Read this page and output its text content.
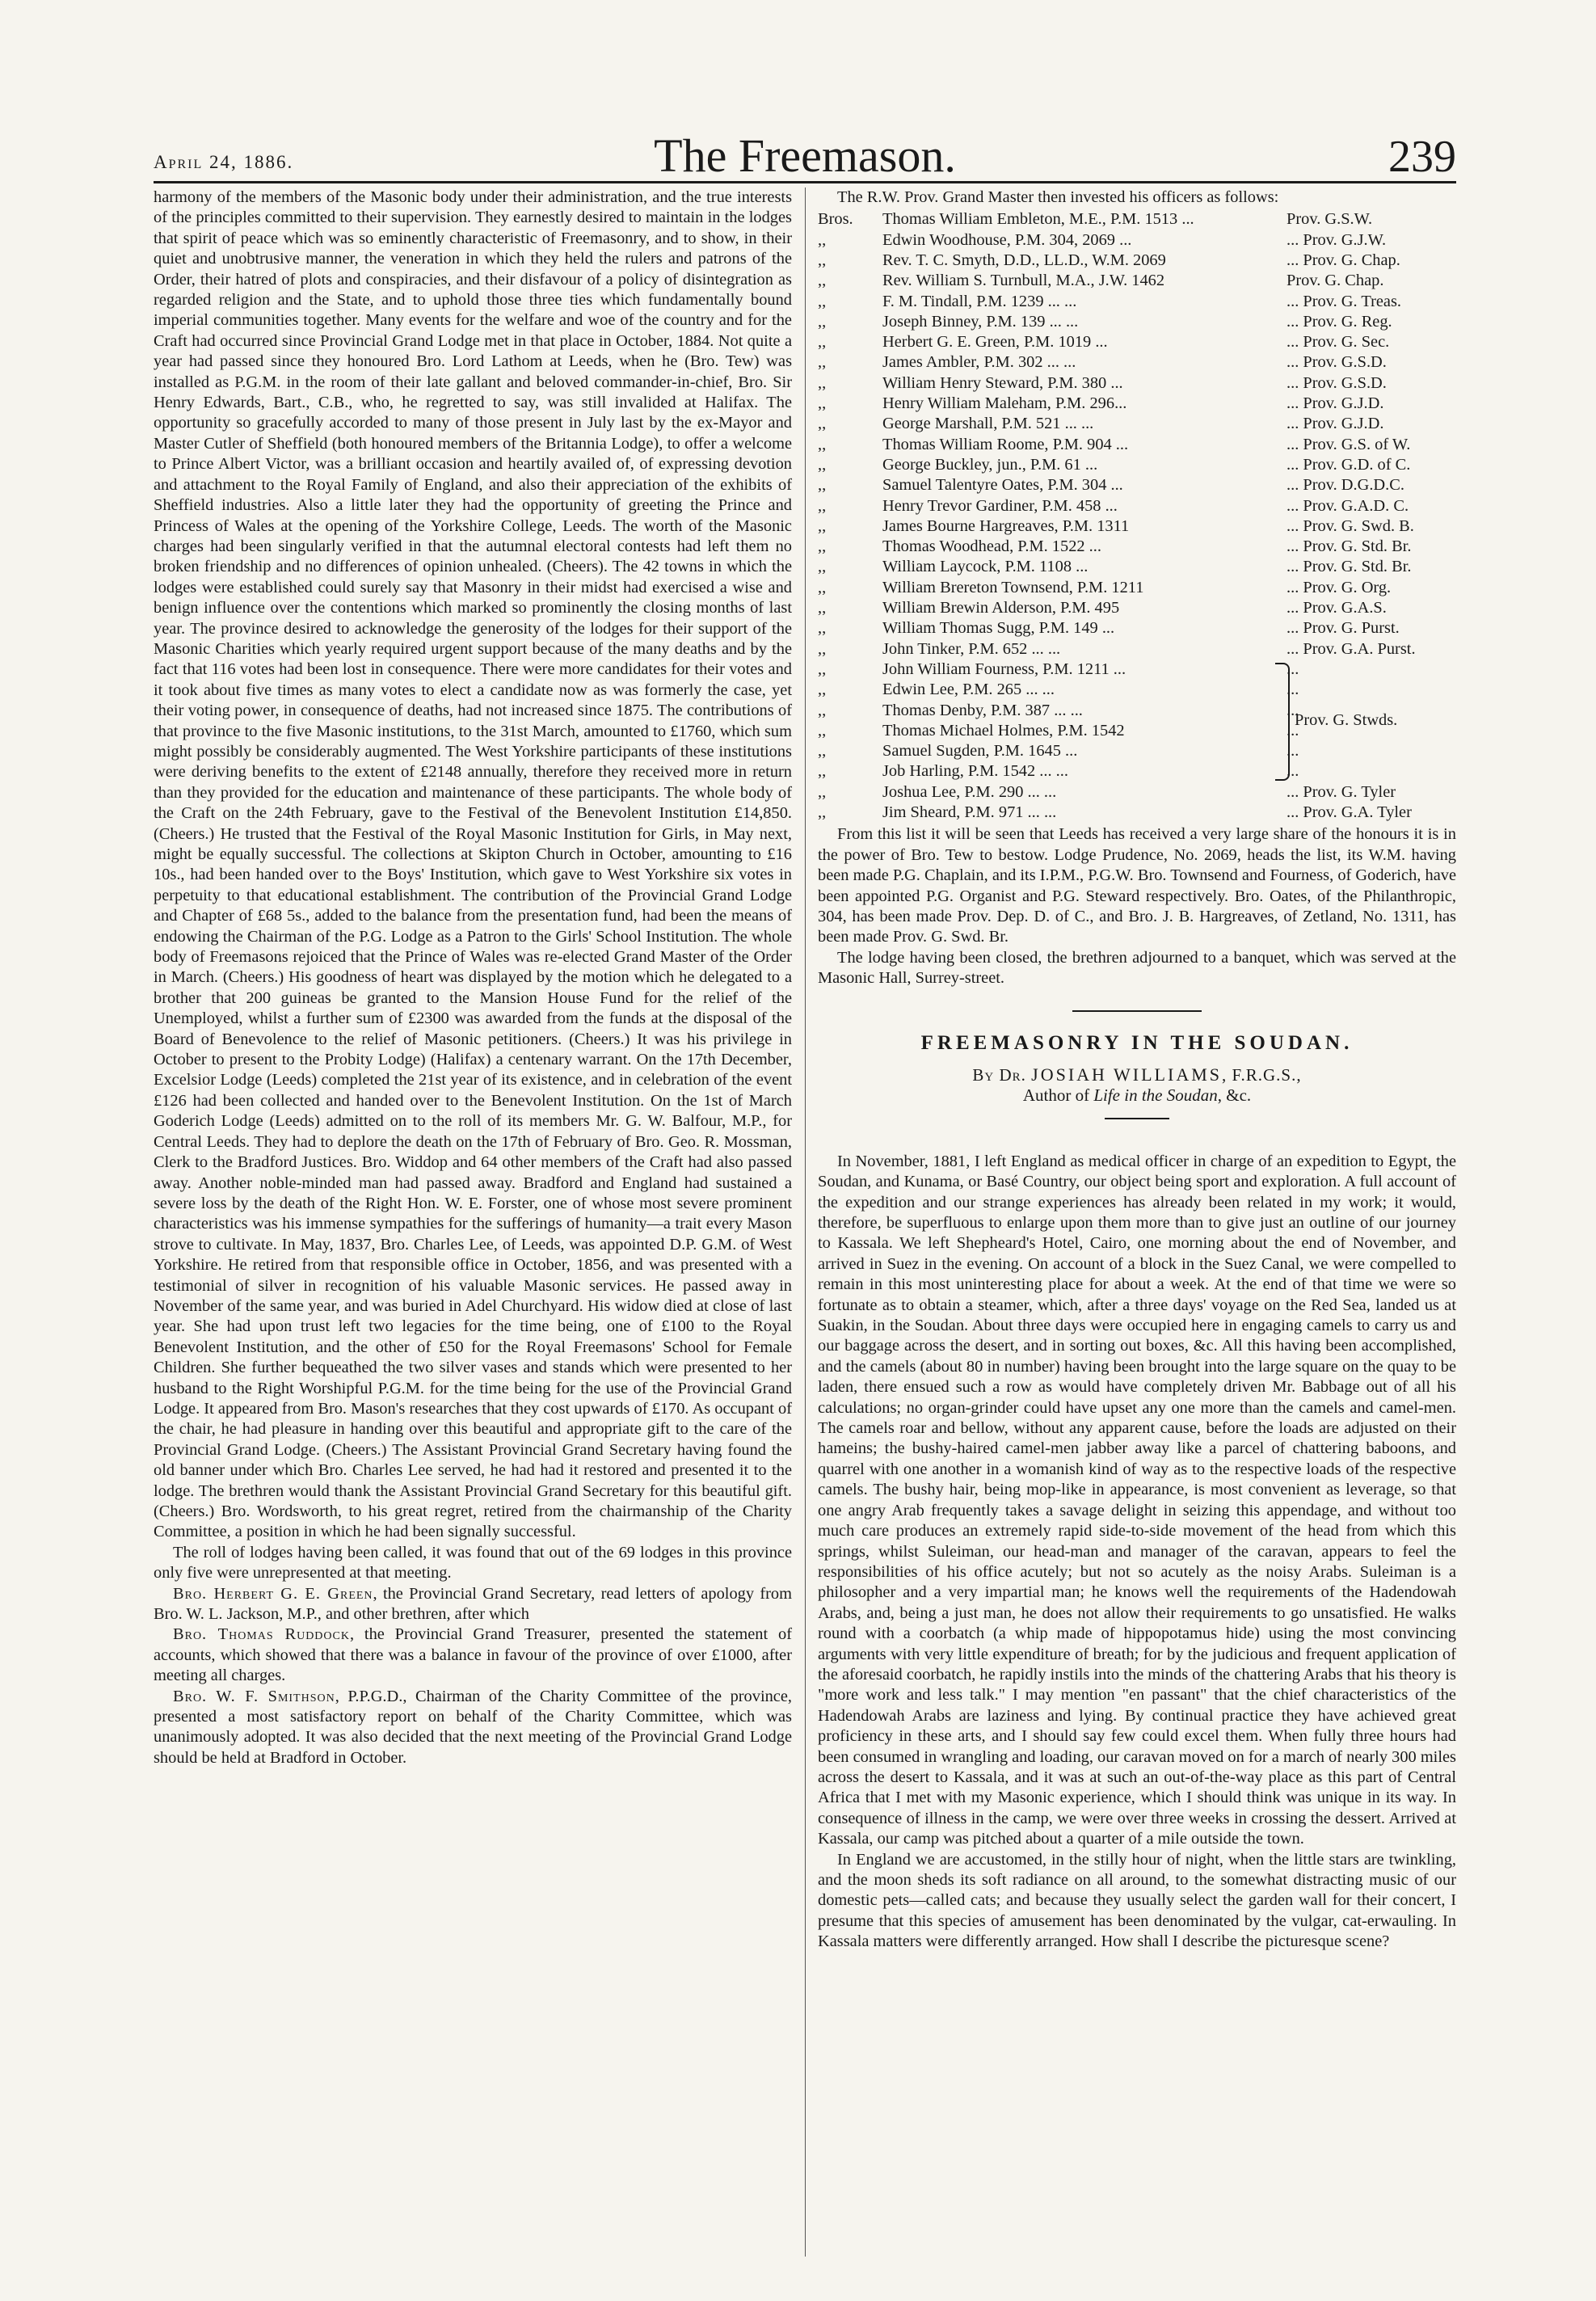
April 24, 1886.	The Freemason.	239

harmony of the members of the Masonic body under their administration, and the true interests of the principles committed to their supervision. They earnestly desired to maintain in the lodges that spirit of peace which was so eminently characteristic of Freemasonry, and to show, in their quiet and unobtrusive manner, the veneration in which they held the rulers and patrons of the Order, their hatred of plots and conspiracies, and their disfavour of a policy of disintegration as regarded religion and the State, and to uphold those three ties which fundamentally bound imperial communities together. Many events for the welfare and woe of the country and for the Craft had occurred since Provincial Grand Lodge met in that place in October, 1884. Not quite a year had passed since they honoured Bro. Lord Lathom at Leeds, when he (Bro. Tew) was installed as P.G.M. in the room of their late gallant and beloved commander-in-chief, Bro. Sir Henry Edwards, Bart., C.B., who, he regretted to say, was still invalided at Halifax. The opportunity so gracefully accorded to many of those present in July last by the ex-Mayor and Master Cutler of Sheffield (both honoured members of the Britannia Lodge), to offer a welcome to Prince Albert Victor, was a brilliant occasion and heartily availed of, of expressing devotion and attachment to the Royal Family of England, and also their appreciation of the exhibits of Sheffield industries. Also a little later they had the opportunity of greeting the Prince and Princess of Wales at the opening of the Yorkshire College, Leeds. The worth of the Masonic charges had been singularly verified in that the autumnal electoral contests had left them no broken friendship and no differences of opinion unhealed. (Cheers). The 42 towns in which the lodges were established could surely say that Masonry in their midst had exercised a wise and benign influence over the contentions which marked so prominently the closing months of last year. The province desired to acknowledge the generosity of the lodges for their support of the Masonic Charities which yearly required urgent support because of the many deaths and by the fact that 116 votes had been lost in consequence. There were more candidates for their votes and it took about five times as many votes to elect a candidate now as was formerly the case, yet their voting power, in consequence of deaths, had not increased since 1875. The contributions of that province to the five Masonic institutions, to the 31st March, amounted to £1760, which sum might possibly be considerably augmented. The West Yorkshire participants of these institutions were deriving benefits to the extent of £2148 annually, therefore they received more in return than they provided for the education and maintenance of these participants. The whole body of the Craft on the 24th February, gave to the Festival of the Benevolent Institution £14,850. (Cheers.) He trusted that the Festival of the Royal Masonic Institution for Girls, in May next, might be equally successful. The collections at Skipton Church in October, amounting to £16 10s., had been handed over to the Boys' Institution, which gave to West Yorkshire six votes in perpetuity to that educational establishment. The contribution of the Provincial Grand Lodge and Chapter of £68 5s., added to the balance from the presentation fund, had been the means of endowing the Chairman of the P.G. Lodge as a Patron to the Girls' School Institution. The whole body of Freemasons rejoiced that the Prince of Wales was re-elected Grand Master of the Order in March. (Cheers.) His goodness of heart was displayed by the motion which he delegated to a brother that 200 guineas be granted to the Mansion House Fund for the relief of the Unemployed, whilst a further sum of £2300 was awarded from the funds at the disposal of the Board of Benevolence to the relief of Masonic petitioners. (Cheers.) It was his privilege in October to present to the Probity Lodge) (Halifax) a centenary warrant. On the 17th December, Excelsior Lodge (Leeds) completed the 21st year of its existence, and in celebration of the event £126 had been collected and handed over to the Benevolent Institution. On the 1st of March Goderich Lodge (Leeds) admitted on to the roll of its members Mr. G. W. Balfour, M.P., for Central Leeds. They had to deplore the death on the 17th of February of Bro. Geo. R. Mossman, Clerk to the Bradford Justices. Bro. Widdop and 64 other members of the Craft had also passed away. Another noble-minded man had passed away. Bradford and England had sustained a severe loss by the death of the Right Hon. W. E. Forster, one of whose most severe prominent characteristics was his immense sympathies for the sufferings of humanity—a trait every Mason strove to cultivate. In May, 1837, Bro. Charles Lee, of Leeds, was appointed D.P. G.M. of West Yorkshire. He retired from that responsible office in October, 1856, and was presented with a testimonial of silver in recognition of his valuable Masonic services. He passed away in November of the same year, and was buried in Adel Churchyard. His widow died at close of last year. She had upon trust left two legacies for the time being, one of £100 to the Royal Benevolent Institution, and the other of £50 for the Royal Freemasons' School for Female Children. She further bequeathed the two silver vases and stands which were presented to her husband to the Right Worshipful P.G.M. for the time being for the use of the Provincial Grand Lodge. It appeared from Bro. Mason's researches that they cost upwards of £170. As occupant of the chair, he had pleasure in handing over this beautiful and appropriate gift to the care of the Provincial Grand Lodge. (Cheers.) The Assistant Provincial Grand Secretary having found the old banner under which Bro. Charles Lee served, he had had it restored and presented it to the lodge. The brethren would thank the Assistant Provincial Grand Secretary for this beautiful gift. (Cheers.) Bro. Wordsworth, to his great regret, retired from the chairmanship of the Charity Committee, a position in which he had been signally successful.

The roll of lodges having been called, it was found that out of the 69 lodges in this province only five were unrepresented at that meeting.

Bro. Herbert G. E. Green, the Provincial Grand Secretary, read letters of apology from Bro. W. L. Jackson, M.P., and other brethren, after which

Bro. Thomas Ruddock, the Provincial Grand Treasurer, presented the statement of accounts, which showed that there was a balance in favour of the province of over £1000, after meeting all charges.

Bro. W. F. Smithson, P.P.G.D., Chairman of the Charity Committee of the province, presented a most satisfactory report on behalf of the Charity Committee, which was unanimously adopted. It was also decided that the next meeting of the Provincial Grand Lodge should be held at Bradford in October.

The R.W. Prov. Grand Master then invested his officers as follows:

Bros.	Thomas William Embleton, M.E., P.M. 1513 ...	Prov. G.S.W.
,,	Edwin Woodhouse, P.M. 304, 2069 ...	... Prov. G.J.W.
,,	Rev. T. C. Smyth, D.D., LL.D., W.M. 2069	... Prov. G. Chap.
,,	Rev. William S. Turnbull, M.A., J.W. 1462	Prov. G. Chap.
,,	F. M. Tindall, P.M. 1239 ... ...	... Prov. G. Treas.
,,	Joseph Binney, P.M. 139 ... ...	... Prov. G. Reg.
,,	Herbert G. E. Green, P.M. 1019 ...	... Prov. G. Sec.
,,	James Ambler, P.M. 302 ... ...	... Prov. G.S.D.
,,	William Henry Steward, P.M. 380 ...	... Prov. G.S.D.
,,	Henry William Maleham, P.M. 296...	... Prov. G.J.D.
,,	George Marshall, P.M. 521 ... ...	... Prov. G.J.D.
,,	Thomas William Roome, P.M. 904 ...	... Prov. G.S. of W.
,,	George Buckley, jun., P.M. 61 ...	... Prov. G.D. of C.
,,	Samuel Talentyre Oates, P.M. 304 ...	... Prov. D.G.D.C.
,,	Henry Trevor Gardiner, P.M. 458 ...	... Prov. G.A.D. C.
,,	James Bourne Hargreaves, P.M. 1311	... Prov. G. Swd. B.
,,	Thomas Woodhead, P.M. 1522 ...	... Prov. G. Std. Br.
,,	William Laycock, P.M. 1108 ...	... Prov. G. Std. Br.
,,	William Brereton Townsend, P.M. 1211	... Prov. G. Org.
,,	William Brewin Alderson, P.M. 495	... Prov. G.A.S.
,,	William Thomas Sugg, P.M. 149 ...	... Prov. G. Purst.
,,	John Tinker, P.M. 652 ... ...	... Prov. G.A. Purst.
,,	John William Fourness, P.M. 1211 ...	...
,,	Edwin Lee, P.M. 265 ... ...	...
,,	Thomas Denby, P.M. 387 ... ...	...
,,	Thomas Michael Holmes, P.M. 1542	...
,,	Samuel Sugden, P.M. 1645 ...	...
,,	Job Harling, P.M. 1542 ... ...	...
Prov. G. Stwds.
,,	Joshua Lee, P.M. 290 ... ...	... Prov. G. Tyler
,,	Jim Sheard, P.M. 971 ... ...	... Prov. G.A. Tyler

From this list it will be seen that Leeds has received a very large share of the honours it is in the power of Bro. Tew to bestow. Lodge Prudence, No. 2069, heads the list, its W.M. having been made P.G. Chaplain, and its I.P.M., P.G.W. Bro. Townsend and Fourness, of Goderich, have been appointed P.G. Organist and P.G. Steward respectively. Bro. Oates, of the Philanthropic, 304, has been made Prov. Dep. D. of C., and Bro. J. B. Hargreaves, of Zetland, No. 1311, has been made Prov. G. Swd. Br.

The lodge having been closed, the brethren adjourned to a banquet, which was served at the Masonic Hall, Surrey-street.

FREEMASONRY IN THE SOUDAN.
By Dr. JOSIAH WILLIAMS, F.R.G.S.,
Author of Life in the Soudan, &c.

In November, 1881, I left England as medical officer in charge of an expedition to Egypt, the Soudan, and Kunama, or Basé Country, our object being sport and exploration. A full account of the expedition and our strange experiences has already been related in my work; it would, therefore, be superfluous to enlarge upon them more than to give just an outline of our journey to Kassala. We left Shepheard's Hotel, Cairo, one morning about the end of November, and arrived in Suez in the evening. On account of a block in the Suez Canal, we were compelled to remain in this most uninteresting place for about a week. At the end of that time we were so fortunate as to obtain a steamer, which, after a three days' voyage on the Red Sea, landed us at Suakin, in the Soudan. About three days were occupied here in engaging camels to carry us and our baggage across the desert, and in sorting out boxes, &c. All this having been accomplished, and the camels (about 80 in number) having been brought into the large square on the quay to be laden, there ensued such a row as would have completely driven Mr. Babbage out of all his calculations; no organ-grinder could have upset any one more than the camels and camel-men. The camels roar and bellow, without any apparent cause, before the loads are adjusted on their hameins; the bushy-haired camel-men jabber away like a parcel of chattering baboons, and quarrel with one another in a womanish kind of way as to the respective loads of the respective camels. The bushy hair, being mop-like in appearance, is most convenient as leverage, so that one angry Arab frequently takes a savage delight in seizing this appendage, and without too much care produces an extremely rapid side-to-side movement of the head from which this springs, whilst Suleiman, our head-man and manager of the caravan, appears to feel the responsibilities of his office acutely; but not so acutely as the noisy Arabs. Suleiman is a philosopher and a very impartial man; he knows well the requirements of the Hadendowah Arabs, and, being a just man, he does not allow their requirements to go unsatisfied. He walks round with a coorbatch (a whip made of hippopotamus hide) using the most convincing arguments with very little expenditure of breath; for by the judicious and frequent application of the aforesaid coorbatch, he rapidly instils into the minds of the chattering Arabs that his theory is "more work and less talk." I may mention "en passant" that the chief characteristics of the Hadendowah Arabs are laziness and lying. By continual practice they have achieved great proficiency in these arts, and I should say few could excel them. When fully three hours had been consumed in wrangling and loading, our caravan moved on for a march of nearly 300 miles across the desert to Kassala, and it was at such an out-of-the-way place as this part of Central Africa that I met with my Masonic experience, which I should think was unique in its way. In consequence of illness in the camp, we were over three weeks in crossing the dessert. Arrived at Kassala, our camp was pitched about a quarter of a mile outside the town.

In England we are accustomed, in the stilly hour of night, when the little stars are twinkling, and the moon sheds its soft radiance on all around, to the somewhat distracting music of our domestic pets—called cats; and because they usually select the garden wall for their concert, I presume that this species of amusement has been denominated by the vulgar, cat-erwauling. In Kassala matters were differently arranged. How shall I describe the picturesque scene?
